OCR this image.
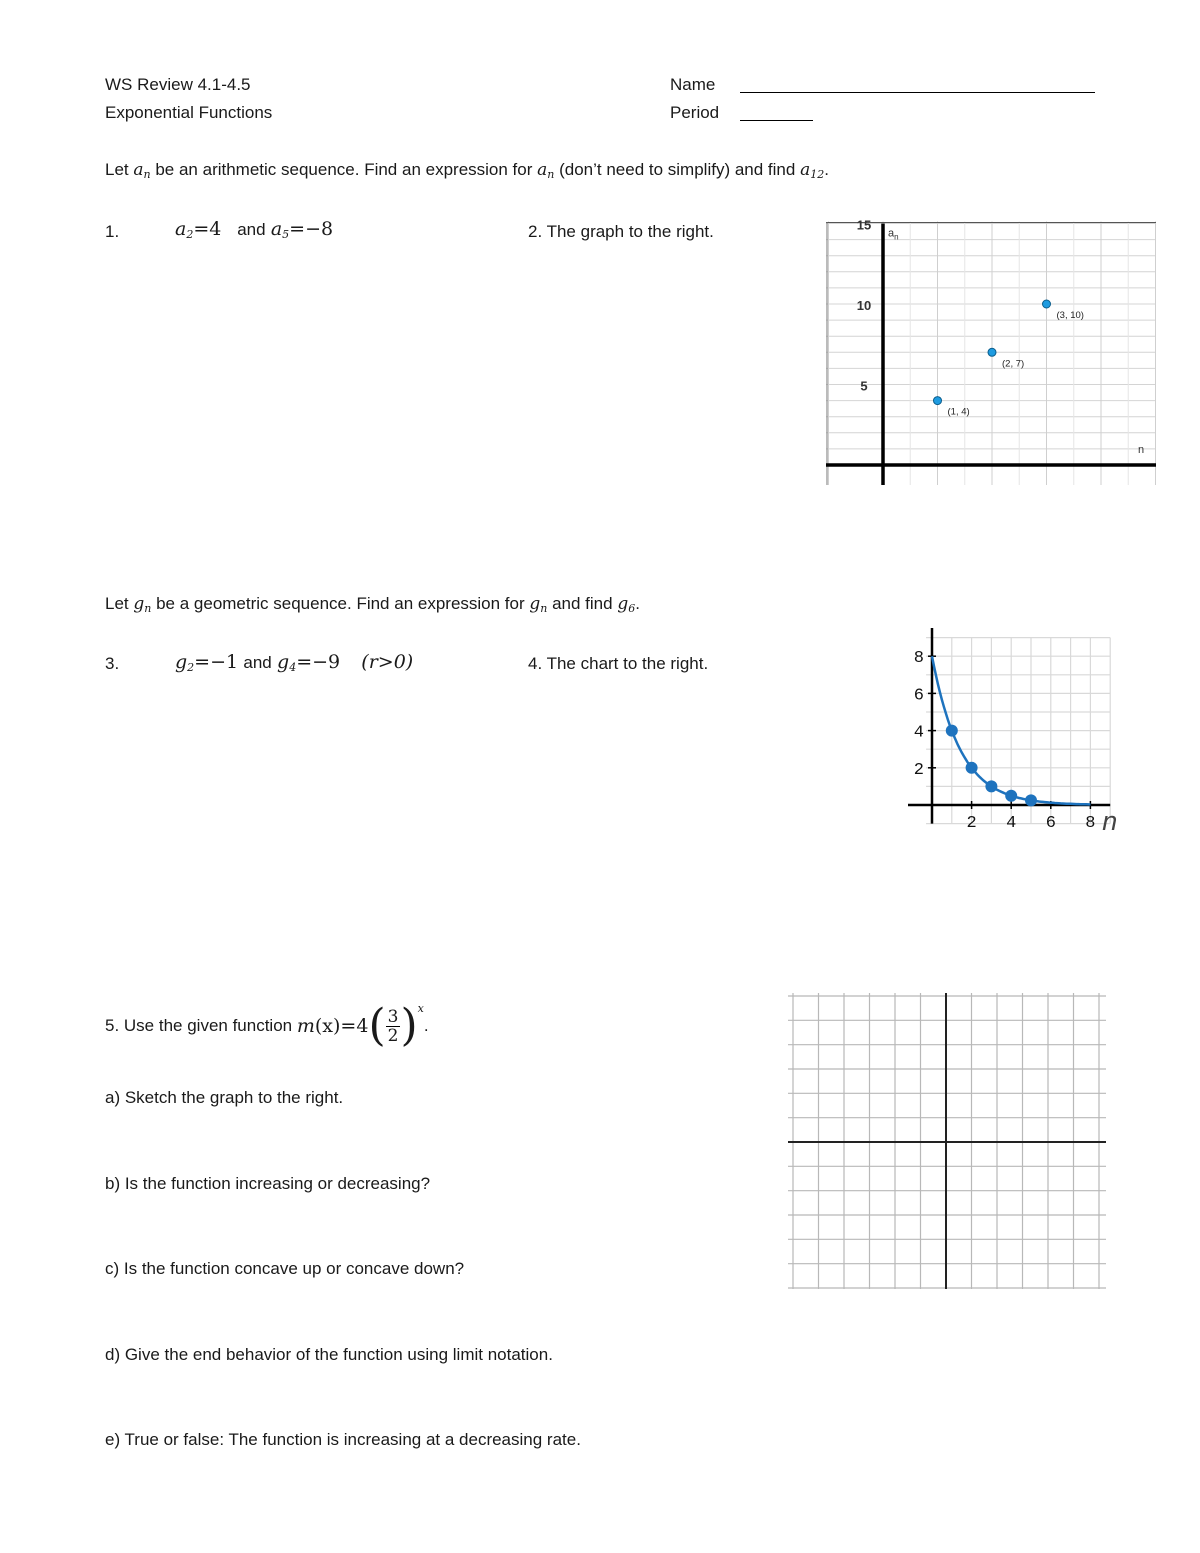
WS Review 4.1-4.5
Exponential Functions
Name
Period
Let $a_n$ be an arithmetic sequence. Find an expression for $a_n$ (don’t need to simplify) and find $a_{12}$.
1.	$a_2=4$ and $a_5=-8$	2. The graph to the right.
5
10
15
$a_n$
n
(1, 4)
(2, 7)
(3, 10)
Let $g_n$ be a geometric sequence. Find an expression for $g_n$ and find $g_6$.
3.	$g_2=-1$ and $g_4=-9$ (r>0)	4. The chart to the right.
2 4 6 8
2
4
6
8
n
5. Use the given function
m (x)=4 ( $\frac{3}{2} )^x$
.
a) Sketch the graph to the right.
b) Is the function increasing or decreasing?
c) Is the function concave up or concave down?
d) Give the end behavior of the function using limit notation.
e) True or false: The function is increasing at a decreasing rate.
